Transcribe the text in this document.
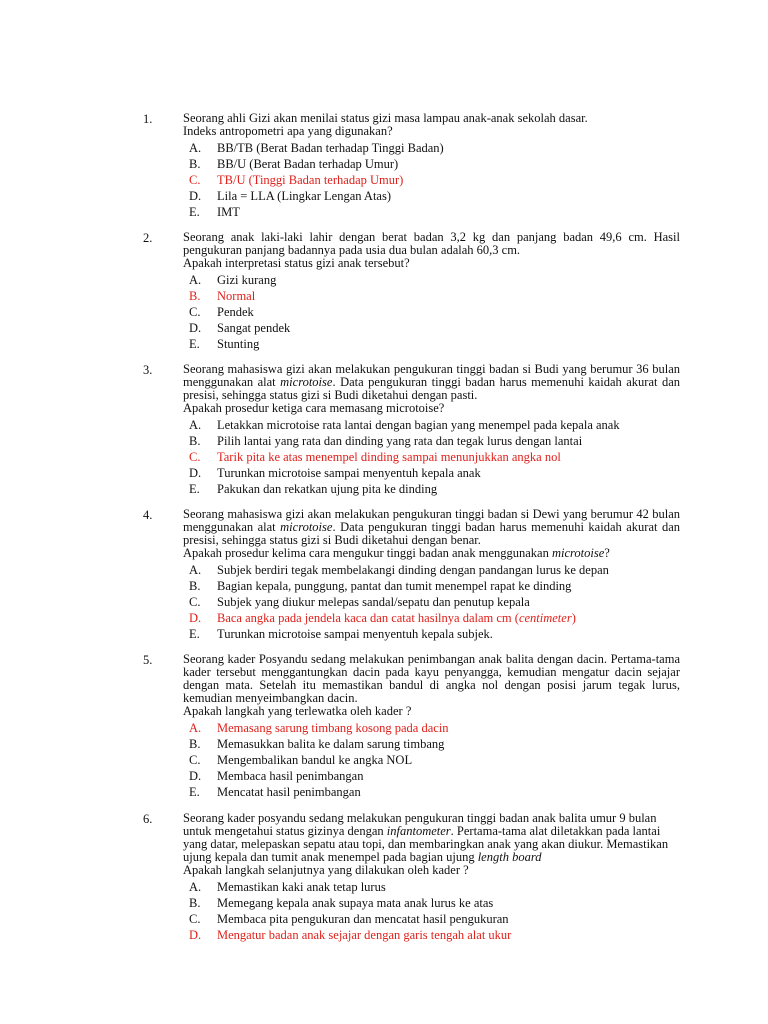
1. Seorang ahli Gizi akan menilai status gizi masa lampau anak-anak sekolah dasar.
Indeks antropometri apa yang digunakan?
A. BB/TB (Berat Badan terhadap Tinggi Badan)
B. BB/U (Berat Badan terhadap Umur)
C. TB/U (Tinggi Badan terhadap Umur)
D. Lila = LLA (Lingkar Lengan Atas)
E. IMT
2. Seorang anak laki-laki lahir dengan berat badan 3,2 kg dan panjang badan 49,6 cm. Hasil pengukuran panjang badannya pada usia dua bulan adalah 60,3 cm.
Apakah interpretasi status gizi anak tersebut?
A. Gizi kurang
B. Normal
C. Pendek
D. Sangat pendek
E. Stunting
3. Seorang mahasiswa gizi akan melakukan pengukuran tinggi badan si Budi yang berumur 36 bulan menggunakan alat microtoise. Data pengukuran tinggi badan harus memenuhi kaidah akurat dan presisi, sehingga status gizi si Budi diketahui dengan pasti.
Apakah prosedur ketiga cara memasang microtoise?
A. Letakkan microtoise rata lantai dengan bagian yang menempel pada kepala anak
B. Pilih lantai yang rata dan dinding yang rata dan tegak lurus dengan lantai
C. Tarik pita ke atas menempel dinding sampai menunjukkan angka nol
D. Turunkan microtoise sampai menyentuh kepala anak
E. Pakukan dan rekatkan ujung pita ke dinding
4. Seorang mahasiswa gizi akan melakukan pengukuran tinggi badan si Dewi yang berumur 42 bulan menggunakan alat microtoise. Data pengukuran tinggi badan harus memenuhi kaidah akurat dan presisi, sehingga status gizi si Budi diketahui dengan benar.
Apakah prosedur kelima cara mengukur tinggi badan anak menggunakan microtoise?
A. Subjek berdiri tegak membelakangi dinding dengan pandangan lurus ke depan
B. Bagian kepala, punggung, pantat dan tumit menempel rapat ke dinding
C. Subjek yang diukur melepas sandal/sepatu dan penutup kepala
D. Baca angka pada jendela kaca dan catat hasilnya dalam cm (centimeter)
E. Turunkan microtoise sampai menyentuh kepala subjek.
5. Seorang kader Posyandu sedang melakukan penimbangan anak balita dengan dacin. Pertama-tama kader tersebut menggantungkan dacin pada kayu penyangga, kemudian mengatur dacin sejajar dengan mata. Setelah itu memastikan bandul di angka nol dengan posisi jarum tegak lurus, kemudian menyeimbangkan dacin.
Apakah langkah yang terlewatka oleh kader ?
A. Memasang sarung timbang kosong pada dacin
B. Memasukkan balita ke dalam sarung timbang
C. Mengembalikan bandul ke angka NOL
D. Membaca hasil penimbangan
E. Mencatat hasil penimbangan
6. Seorang kader posyandu sedang melakukan pengukuran tinggi badan anak balita umur 9 bulan
untuk mengetahui status gizinya dengan infantometer. Pertama-tama alat diletakkan pada lantai
yang datar, melepaskan sepatu atau topi, dan membaringkan anak yang akan diukur. Memastikan
ujung kepala dan tumit anak menempel pada bagian ujung length board
Apakah langkah selanjutnya yang dilakukan oleh kader ?
A. Memastikan kaki anak tetap lurus
B. Memegang kepala anak supaya mata anak lurus ke atas
C. Membaca pita pengukuran dan mencatat hasil pengukuran
D. Mengatur badan anak sejajar dengan garis tengah alat ukur
